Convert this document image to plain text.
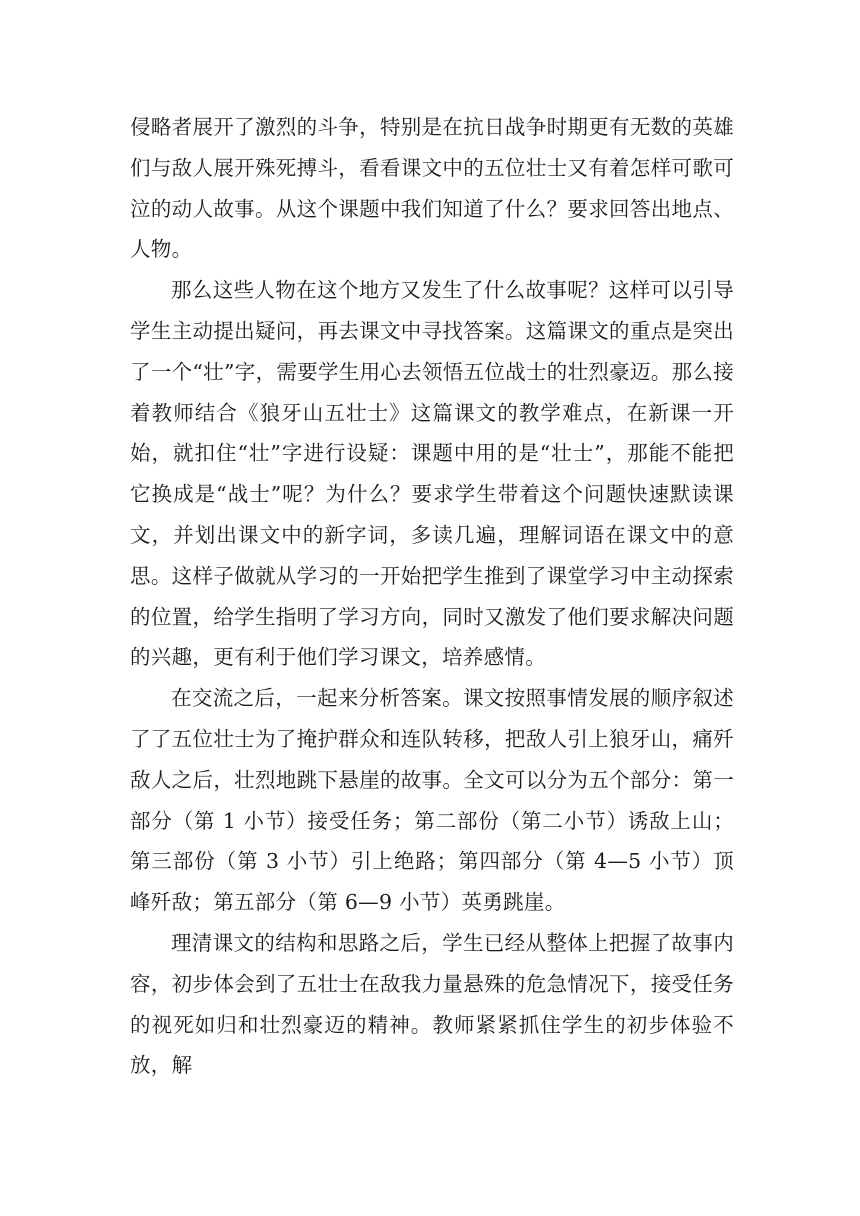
侵略者展开了激烈的斗争，特别是在抗日战争时期更有无数的英雄们与敌人展开殊死搏斗，看看课文中的五位壮士又有着怎样可歌可泣的动人故事。从这个课题中我们知道了什么？要求回答出地点、人物。

那么这些人物在这个地方又发生了什么故事呢？这样可以引导学生主动提出疑问，再去课文中寻找答案。这篇课文的重点是突出了一个“壮”字，需要学生用心去领悟五位战士的壮烈豪迈。那么接着教师结合《狼牙山五壮士》这篇课文的教学难点，在新课一开始，就扣住“壮”字进行设疑：课题中用的是“壮士”，那能不能把它换成是“战士”呢？为什么？要求学生带着这个问题快速默读课文，并划出课文中的新字词，多读几遍，理解词语在课文中的意思。这样子做就从学习的一开始把学生推到了课堂学习中主动探索的位置，给学生指明了学习方向，同时又激发了他们要求解决问题的兴趣，更有利于他们学习课文，培养感情。

在交流之后，一起来分析答案。课文按照事情发展的顺序叙述了了五位壮士为了掩护群众和连队转移，把敌人引上狼牙山，痛歼敌人之后，壮烈地跳下悬崖的故事。全文可以分为五个部分：第一部分（第 1 小节）接受任务；第二部份（第二小节）诱敌上山；第三部份（第 3 小节）引上绝路；第四部分（第 4—5 小节）顶峰歼敌；第五部分（第 6—9 小节）英勇跳崖。

理清课文的结构和思路之后，学生已经从整体上把握了故事内容，初步体会到了五壮士在敌我力量悬殊的危急情况下，接受任务的视死如归和壮烈豪迈的精神。教师紧紧抓住学生的初步体验不放，解
